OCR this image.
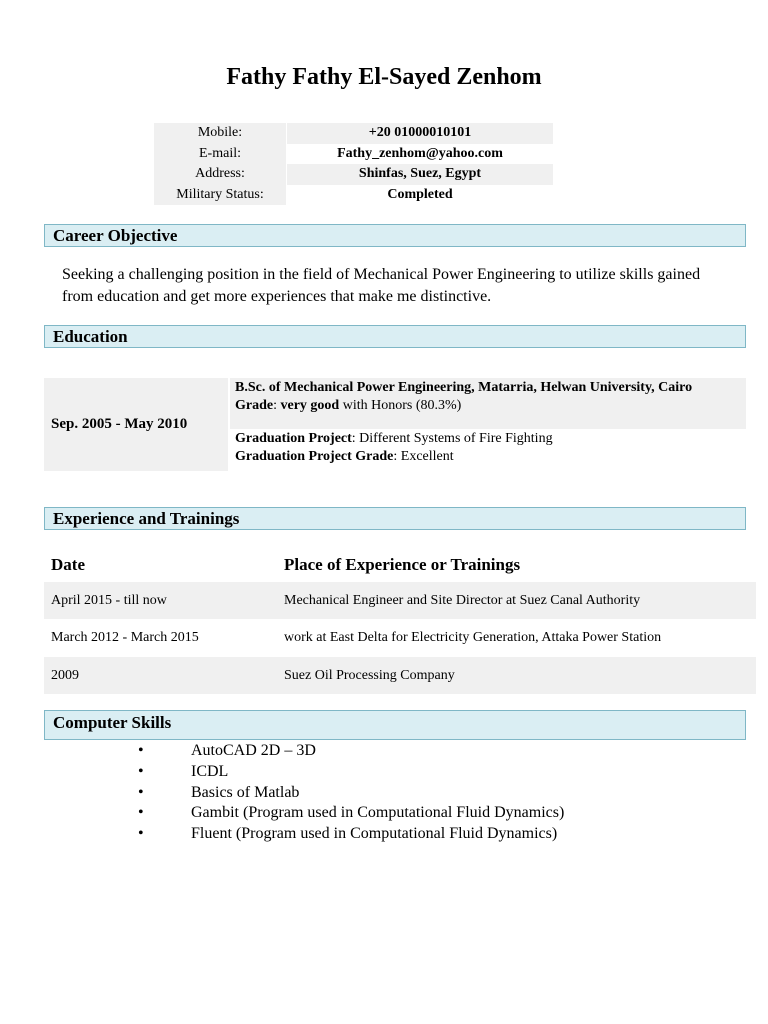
Fathy Fathy El-Sayed Zenhom
Mobile:	+20 01000010101
E-mail:	Fathy_zenhom@yahoo.com
Address:	Shinfas, Suez, Egypt
Military Status:	Completed
Career Objective
Seeking a challenging position in the field of Mechanical Power Engineering to utilize skills gained from education and get more experiences that make me distinctive.
Education
Sep. 2005 - May 2010
B.Sc. of Mechanical Power Engineering, Matarria, Helwan University, Cairo
Grade: very good with Honors (80.3%)
Graduation Project: Different Systems of Fire Fighting
Graduation Project Grade: Excellent
Experience and Trainings
Date	Place of Experience or Trainings
April 2015 - till now	Mechanical Engineer and Site Director at Suez Canal Authority
March 2012 - March 2015	work at East Delta for Electricity Generation, Attaka Power Station
2009	Suez Oil Processing Company
Computer Skills
•	AutoCAD 2D – 3D
•	ICDL
•	Basics of Matlab
•	Gambit (Program used in Computational Fluid Dynamics)
•	Fluent (Program used in Computational Fluid Dynamics)
